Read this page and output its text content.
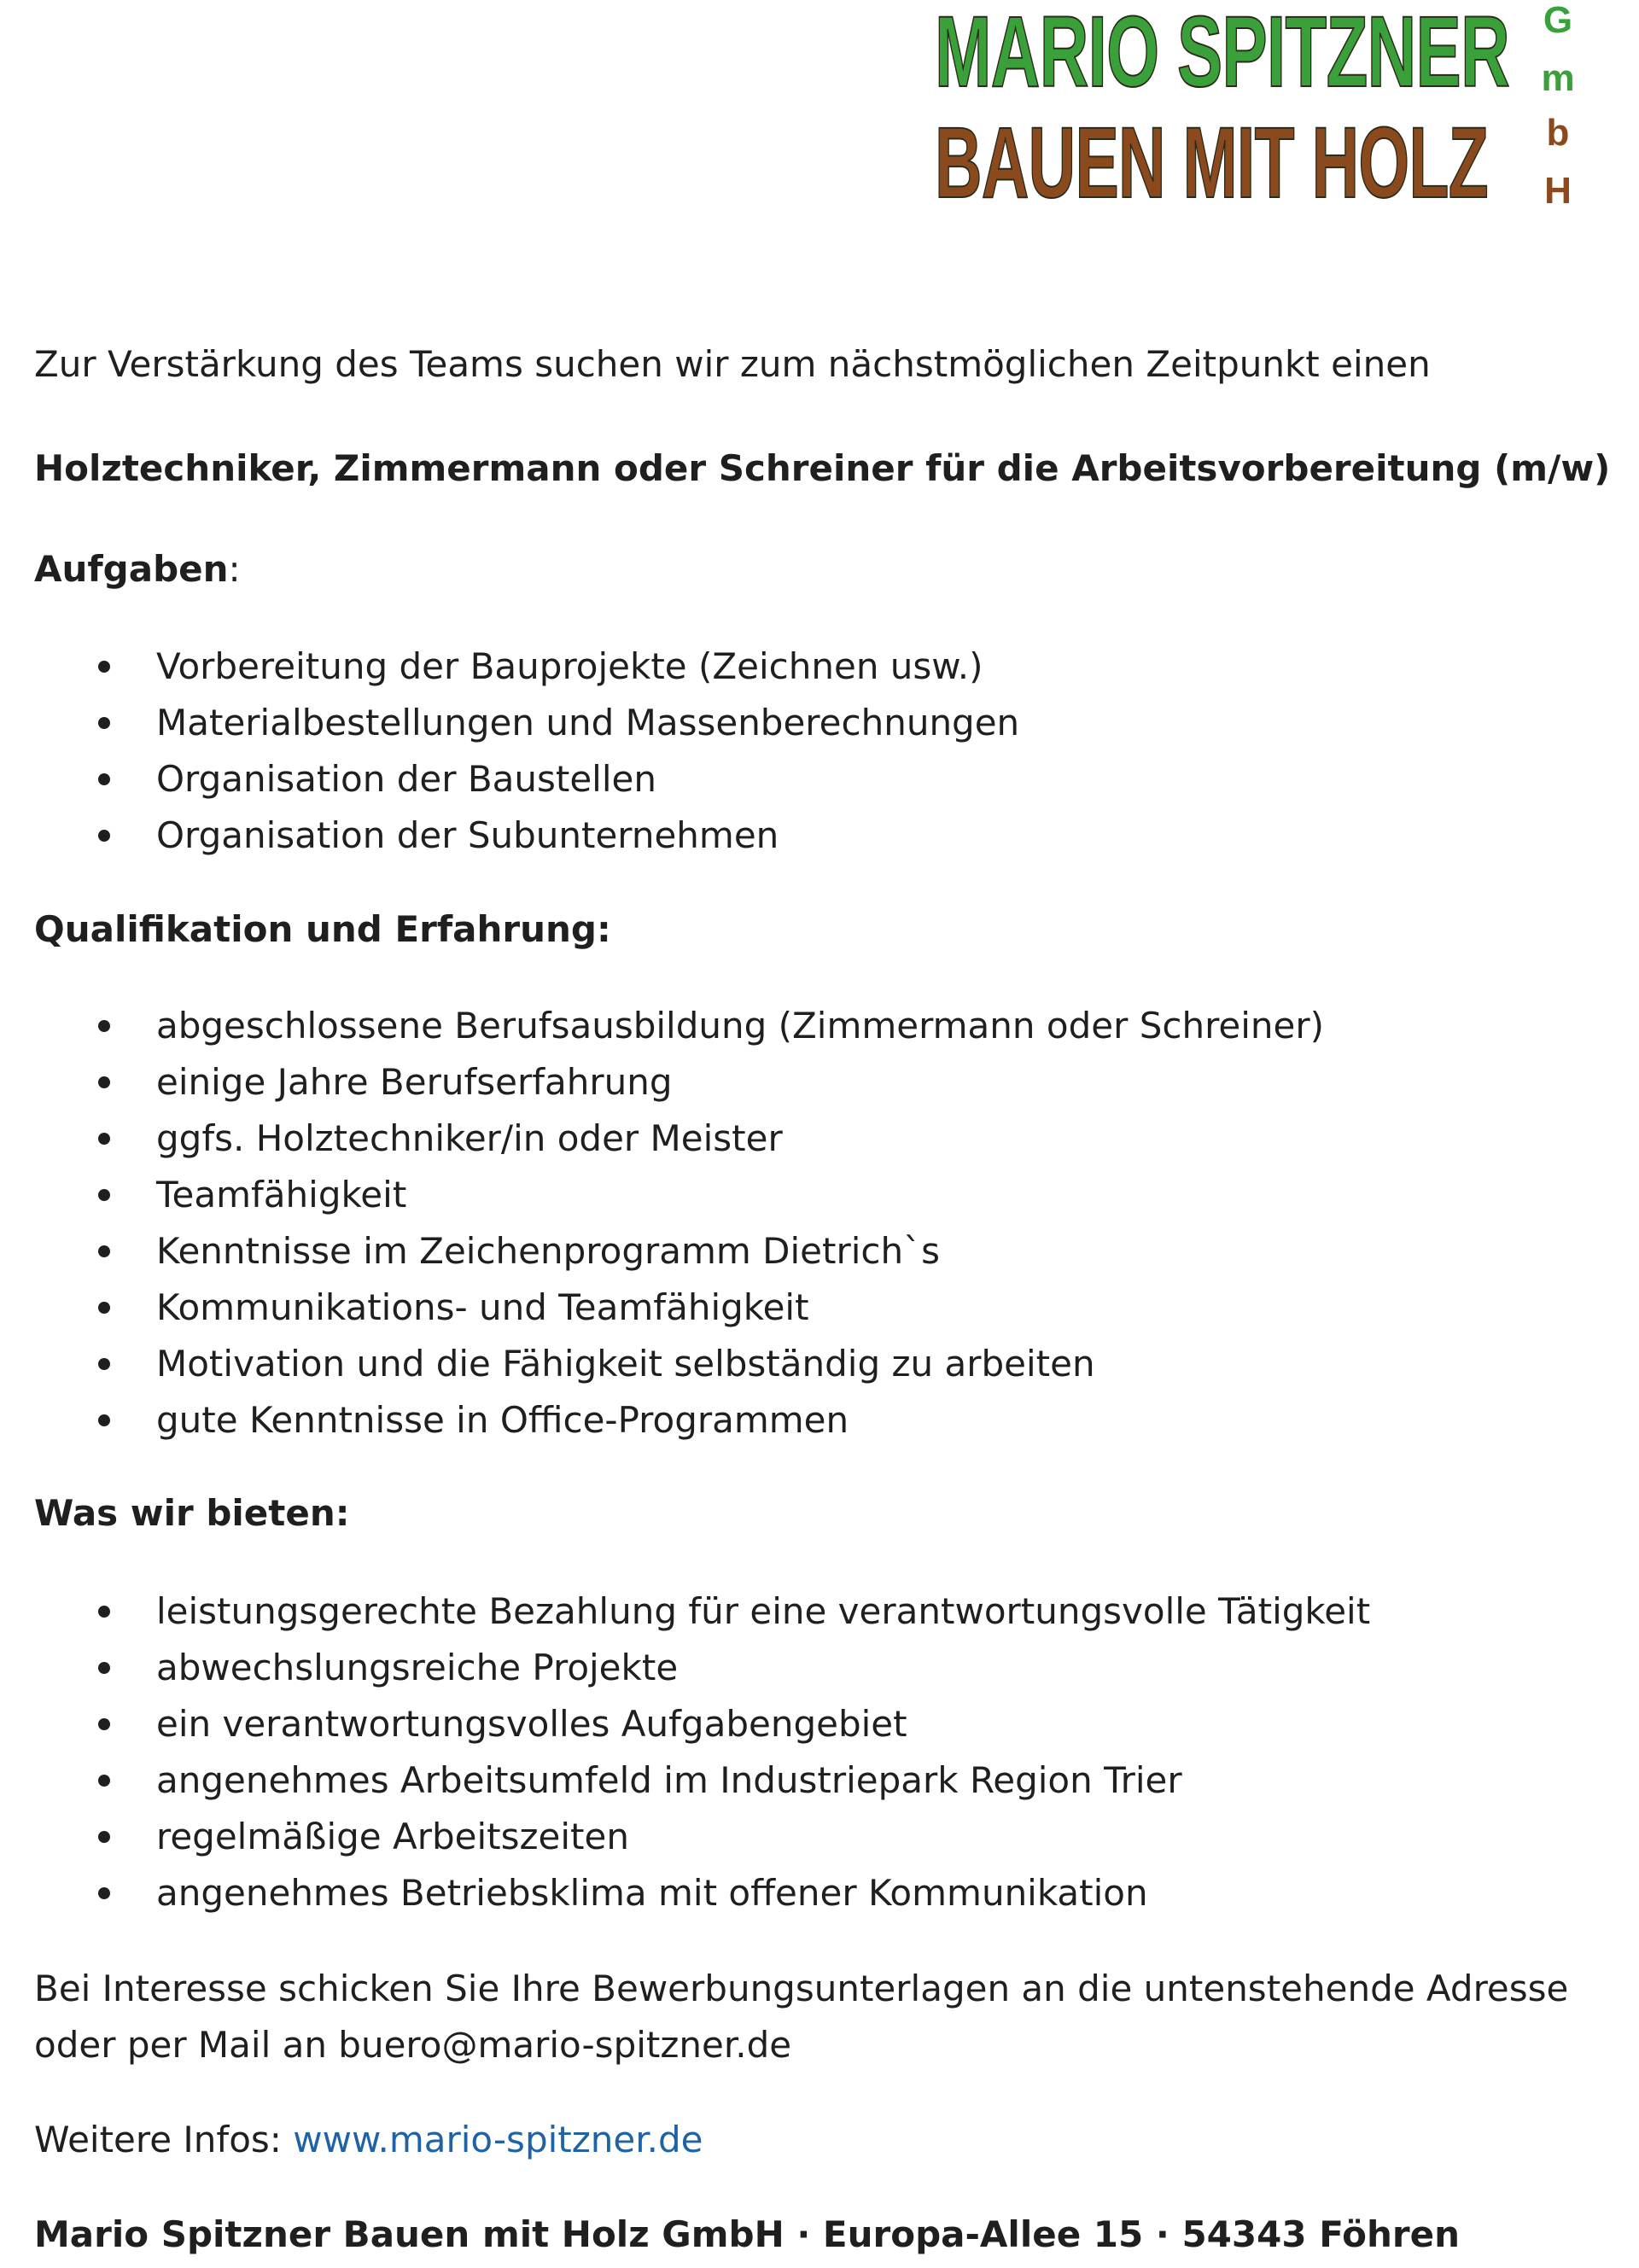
MARIO SPITZNER
BAUEN MIT HOLZ
G
m
b
H
Zur Verstärkung des Teams suchen wir zum nächstmöglichen Zeitpunkt einen
Holztechniker, Zimmermann oder Schreiner für die Arbeitsvorbereitung (m/w)
Aufgaben:
Vorbereitung der Bauprojekte (Zeichnen usw.)
Materialbestellungen und Massenberechnungen
Organisation der Baustellen
Organisation der Subunternehmen
Qualifikation und Erfahrung:
abgeschlossene Berufsausbildung (Zimmermann oder Schreiner)
einige Jahre Berufserfahrung
ggfs. Holztechniker/in oder Meister
Teamfähigkeit
Kenntnisse im Zeichenprogramm Dietrich`s
Kommunikations- und Teamfähigkeit
Motivation und die Fähigkeit selbständig zu arbeiten
gute Kenntnisse in Office-Programmen
Was wir bieten:
leistungsgerechte Bezahlung für eine verantwortungsvolle Tätigkeit
abwechslungsreiche Projekte
ein verantwortungsvolles Aufgabengebiet
angenehmes Arbeitsumfeld im Industriepark Region Trier
regelmäßige Arbeitszeiten
angenehmes Betriebsklima mit offener Kommunikation
Bei Interesse schicken Sie Ihre Bewerbungsunterlagen an die untenstehende Adresse
oder per Mail an buero@mario-spitzner.de
Weitere Infos: www.mario-spitzner.de
Mario Spitzner Bauen mit Holz GmbH · Europa-Allee 15 · 54343 Föhren
